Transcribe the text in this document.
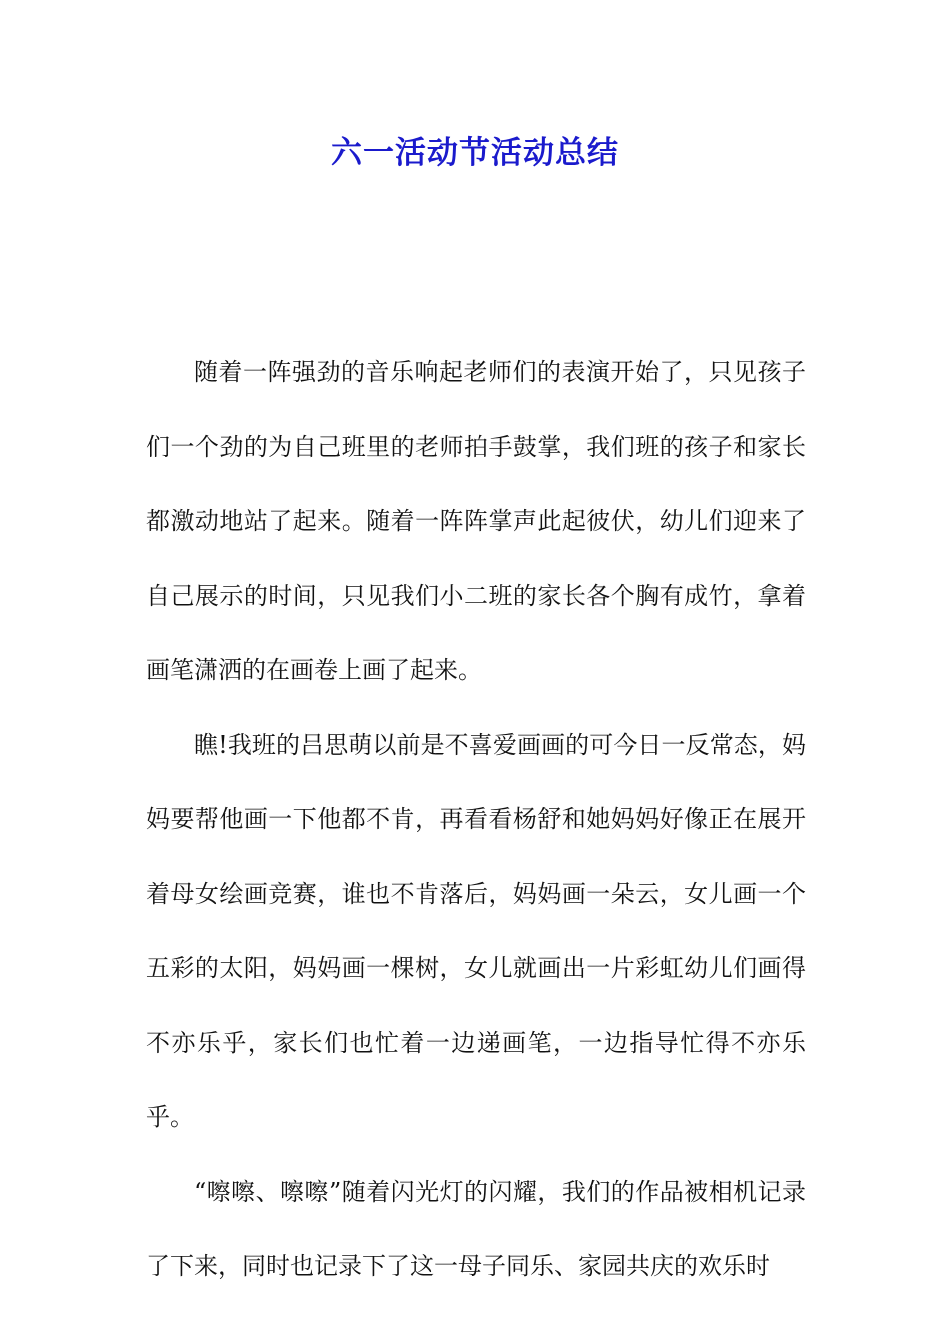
六一活动节活动总结

随着一阵强劲的音乐响起老师们的表演开始了，只见孩子们一个劲的为自己班里的老师拍手鼓掌，我们班的孩子和家长都激动地站了起来。随着一阵阵掌声此起彼伏，幼儿们迎来了自己展示的时间，只见我们小二班的家长各个胸有成竹，拿着画笔潇洒的在画卷上画了起来。

瞧!我班的吕思萌以前是不喜爱画画的可今日一反常态，妈妈要帮他画一下他都不肯，再看看杨舒和她妈妈好像正在展开着母女绘画竞赛，谁也不肯落后，妈妈画一朵云，女儿画一个五彩的太阳，妈妈画一棵树，女儿就画出一片彩虹幼儿们画得不亦乐乎，家长们也忙着一边递画笔，一边指导忙得不亦乐乎。

“嚓嚓、嚓嚓”随着闪光灯的闪耀，我们的作品被相机记录了下来，同时也记录下了这一母子同乐、家园共庆的欢乐时
